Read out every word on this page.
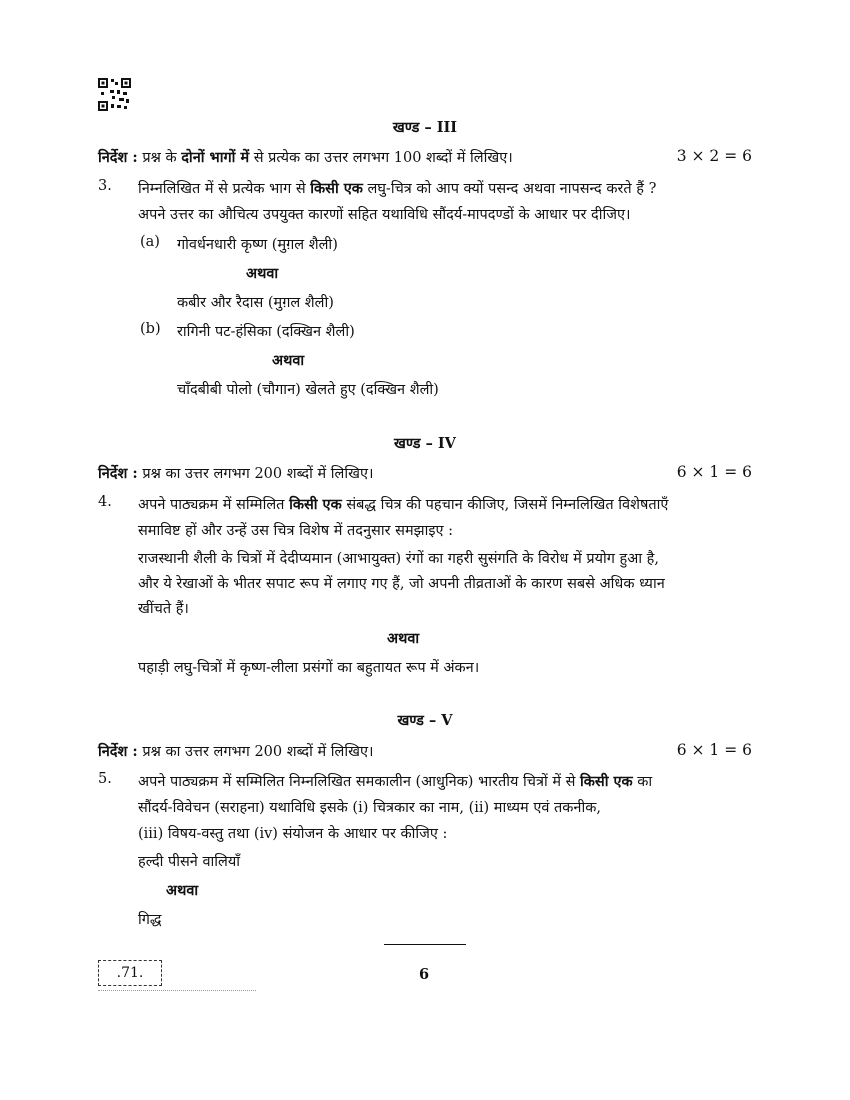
खण्ड – III
निर्देश : प्रश्न के दोनों भागों में से प्रत्येक का उत्तर लगभग 100 शब्दों में लिखिए।	3 × 2 = 6
3. निम्नलिखित में से प्रत्येक भाग से किसी एक लघु-चित्र को आप क्यों पसन्द अथवा नापसन्द करते हैं ?
अपने उत्तर का औचित्य उपयुक्त कारणों सहित यथाविधि सौंदर्य-मापदण्डों के आधार पर दीजिए।
(a) गोवर्धनधारी कृष्ण (मुग़ल शैली)
अथवा
कबीर और रैदास (मुग़ल शैली)
(b) रागिनी पट-हंसिका (दक्खिन शैली)
अथवा
चाँदबीबी पोलो (चौगान) खेलते हुए (दक्खिन शैली)
खण्ड – IV
निर्देश : प्रश्न का उत्तर लगभग 200 शब्दों में लिखिए।	6 × 1 = 6
4. अपने पाठ्यक्रम में सम्मिलित किसी एक संबद्ध चित्र की पहचान कीजिए, जिसमें निम्नलिखित विशेषताएँ
समाविष्ट हों और उन्हें उस चित्र विशेष में तदनुसार समझाइए :
राजस्थानी शैली के चित्रों में देदीप्यमान (आभायुक्त) रंगों का गहरी सुसंगति के विरोध में प्रयोग हुआ है,
और ये रेखाओं के भीतर सपाट रूप में लगाए गए हैं, जो अपनी तीव्रताओं के कारण सबसे अधिक ध्यान
खींचते हैं।
अथवा
पहाड़ी लघु-चित्रों में कृष्ण-लीला प्रसंगों का बहुतायत रूप में अंकन।
खण्ड – V
निर्देश : प्रश्न का उत्तर लगभग 200 शब्दों में लिखिए।	6 × 1 = 6
5. अपने पाठ्यक्रम में सम्मिलित निम्नलिखित समकालीन (आधुनिक) भारतीय चित्रों में से किसी एक का
सौंदर्य-विवेचन (सराहना) यथाविधि इसके (i) चित्रकार का नाम, (ii) माध्यम एवं तकनीक,
(iii) विषय-वस्तु तथा (iv) संयोजन के आधार पर कीजिए :
हल्दी पीसने वालियाँ
अथवा
गिद्ध
.71.	6
